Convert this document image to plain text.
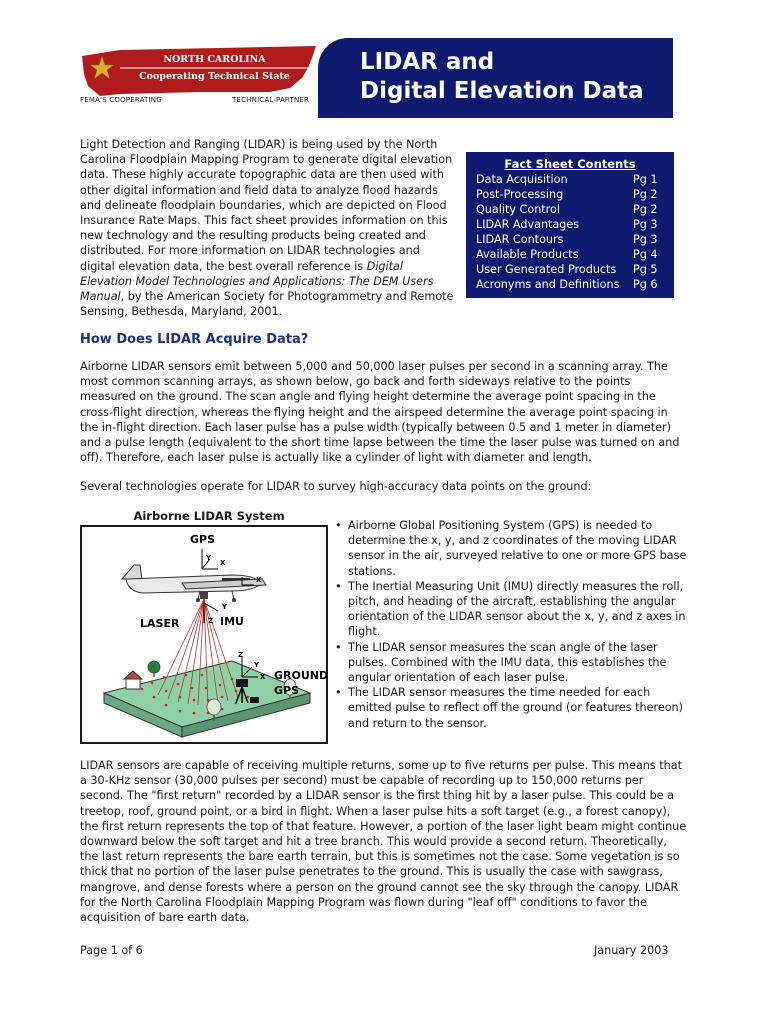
NORTH CAROLINA
Cooperating Technical State
FEMA'S COOPERATING	TECHNICAL PARTNER
LIDAR and
Digital Elevation Data
Light Detection and Ranging (LIDAR) is being used by the North Carolina Floodplain Mapping Program to generate digital elevation data. These highly accurate topographic data are then used with other digital information and field data to analyze flood hazards and delineate floodplain boundaries, which are depicted on Flood Insurance Rate Maps. This fact sheet provides information on this new technology and the resulting products being created and distributed. For more information on LIDAR technologies and digital elevation data, the best overall reference is Digital Elevation Model Technologies and Applications: The DEM Users Manual, by the American Society for Photogrammetry and Remote Sensing, Bethesda, Maryland, 2001.
Fact Sheet Contents
Data Acquisition	Pg 1
Post-Processing	Pg 2
Quality Control	Pg 2
LIDAR Advantages	Pg 3
LIDAR Contours	Pg 3
Available Products	Pg 4
User Generated Products Pg 5
Acronyms and Definitions Pg 6
How Does LIDAR Acquire Data?
Airborne LIDAR sensors emit between 5,000 and 50,000 laser pulses per second in a scanning array. The most common scanning arrays, as shown below, go back and forth sideways relative to the points measured on the ground. The scan angle and flying height determine the average point spacing in the cross-flight direction, whereas the flying height and the airspeed determine the average point spacing in the in-flight direction. Each laser pulse has a pulse width (typically between 0.5 and 1 meter in diameter) and a pulse length (equivalent to the short time lapse between the time the laser pulse was turned on and off). Therefore, each laser pulse is actually like a cylinder of light with diameter and length.
Several technologies operate for LIDAR to survey high-accuracy data points on the ground:
Airborne LIDAR System
GPS
Y
X
X
Y
Z
LASER	IMU
Z
Y
X GROUND
GPS
• Airborne Global Positioning System (GPS) is needed to determine the x, y, and z coordinates of the moving LIDAR sensor in the air, surveyed relative to one or more GPS base stations.
• The Inertial Measuring Unit (IMU) directly measures the roll, pitch, and heading of the aircraft, establishing the angular orientation of the LIDAR sensor about the x, y, and z axes in flight.
• The LIDAR sensor measures the scan angle of the laser pulses. Combined with the IMU data, this establishes the angular orientation of each laser pulse.
• The LIDAR sensor measures the time needed for each emitted pulse to reflect off the ground (or features thereon) and return to the sensor.
LIDAR sensors are capable of receiving multiple returns, some up to five returns per pulse. This means that a 30-KHz sensor (30,000 pulses per second) must be capable of recording up to 150,000 returns per second. The "first return" recorded by a LIDAR sensor is the first thing hit by a laser pulse. This could be a treetop, roof, ground point, or a bird in flight. When a laser pulse hits a soft target (e.g., a forest canopy), the first return represents the top of that feature. However, a portion of the laser light beam might continue downward below the soft target and hit a tree branch. This would provide a second return. Theoretically, the last return represents the bare earth terrain, but this is sometimes not the case. Some vegetation is so thick that no portion of the laser pulse penetrates to the ground. This is usually the case with sawgrass, mangrove, and dense forests where a person on the ground cannot see the sky through the canopy. LIDAR for the North Carolina Floodplain Mapping Program was flown during "leaf off" conditions to favor the acquisition of bare earth data.
Page 1 of 6	January 2003
